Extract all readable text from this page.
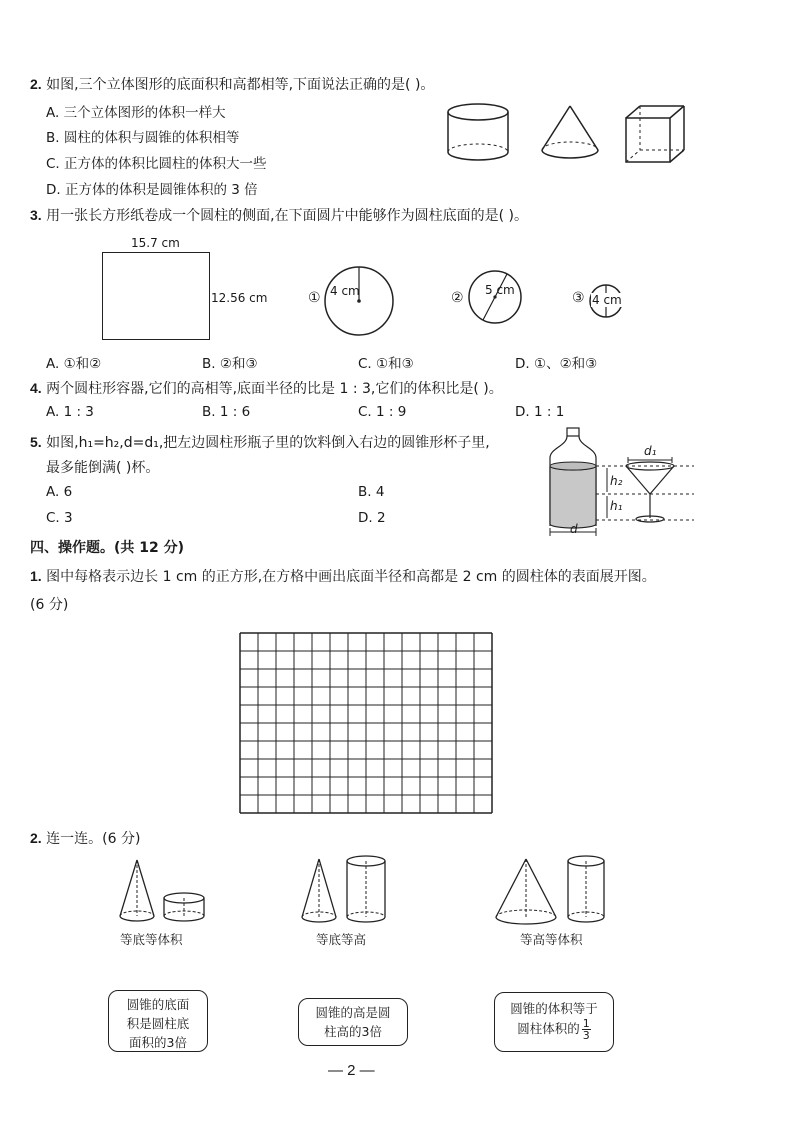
2. 如图,三个立体图形的底面积和高都相等,下面说法正确的是( )。
A. 三个立体图形的体积一样大
B. 圆柱的体积与圆锥的体积相等
C. 正方体的体积比圆柱的体积大一些
D. 正方体的体积是圆锥体积的 3 倍
3. 用一张长方形纸卷成一个圆柱的侧面,在下面圆片中能够作为圆柱底面的是( )。
15.7 cm
12.56 cm	① 4 cm	② 5 cm	③ 4 cm
A. ①和②	B. ②和③	C. ①和③	D. ①、②和③
4. 两个圆柱形容器,它们的高相等,底面半径的比是 1 : 3,它们的体积比是( )。
A. 1 : 3	B. 1 : 6	C. 1 : 9	D. 1 : 1
5. 如图,h₁=h₂,d=d₁,把左边圆柱形瓶子里的饮料倒入右边的圆锥形杯子里,
最多能倒满( )杯。
A. 6	B. 4
C. 3	D. 2
d₁
h₂
h₁
d
四、操作题。(共 12 分)
1. 图中每格表示边长 1 cm 的正方形,在方格中画出底面半径和高都是 2 cm 的圆柱体的表面展开图。
(6 分)
2. 连一连。(6 分)
等底等体积	等底等高	等高等体积
圆锥的底面
积是圆柱底
面积的3倍
圆锥的高是圆
柱高的3倍
圆锥的体积等于
圆柱体积的 $\frac{1}{3}$
— 2 —
